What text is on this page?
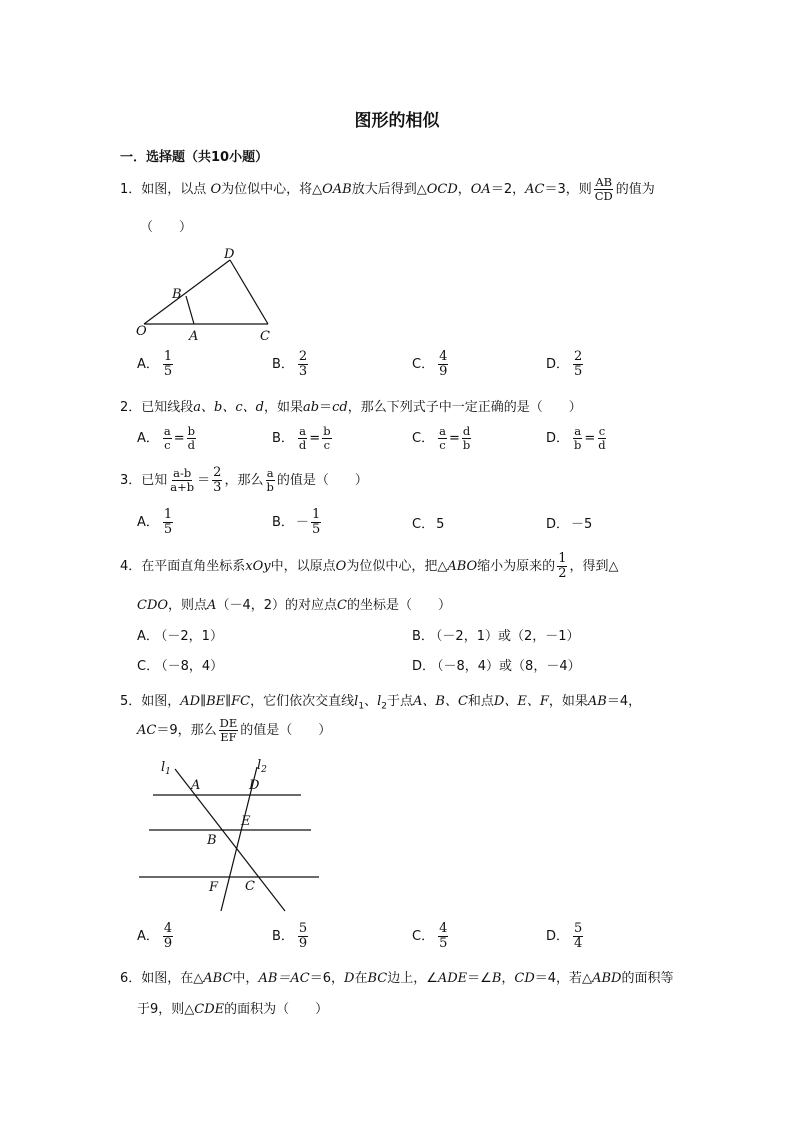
图形的相似
一．选择题（共10小题）
1．如图，以点 O为位似中心，将△OAB放大后得到△OCD，OA＝2，AC＝3，则 $\frac{AB}{CD}$ 的值为
（　　）
O	A
B
C
D
A． $\frac{1}{5}$	B． $\frac{2}{3}$	C． $\frac{4}{9}$	D． $\frac{2}{5}$
2．已知线段a、b、c、d，如果ab＝cd，那么下列式子中一定正确的是（　　）
A． $\frac{a}{c} = \frac{b}{d}$	B． $\frac{a}{d} = \frac{b}{c}$	C． $\frac{a}{c} = \frac{d}{b}$	D． $\frac{a}{b} = \frac{c}{d}$
3．已知 $\frac{a-b}{a+b} = \frac{2}{3}$ ，那么 $\frac{a}{b}$ 的值是（　　）
A． $\frac{1}{5}$	B． － $\frac{1}{5}$	C． 5	D． －5
4．在平面直角坐标系xOy中，以原点O为位似中心，把△ABO缩小为原来的 $\frac{1}{2}$ ，得到△
CDO，则点A（－4，2）的对应点C的坐标是（　　）
A． （－2，1）	B． （－2，1）或（2，－1）
C． （－8，4）	D． （－8，4）或（8，－4）
5．如图，AD∥BE∥FC，它们依次交直线$l_1$、$l_2$于点A、B、C和点D、E、F，如果AB＝4，
AC＝9，那么 $\frac{DE}{EF}$ 的值是（　　）
$l_1$	$l_2$
A	D
E
B
F C
A． $\frac{4}{9}$	B． $\frac{5}{9}$	C． $\frac{4}{5}$	D． $\frac{5}{4}$
6．如图，在△ABC中，AB＝AC＝6，D在BC边上，∠ADE＝∠B，CD＝4，若△ABD的面积等
于9，则△CDE的面积为（　　）
